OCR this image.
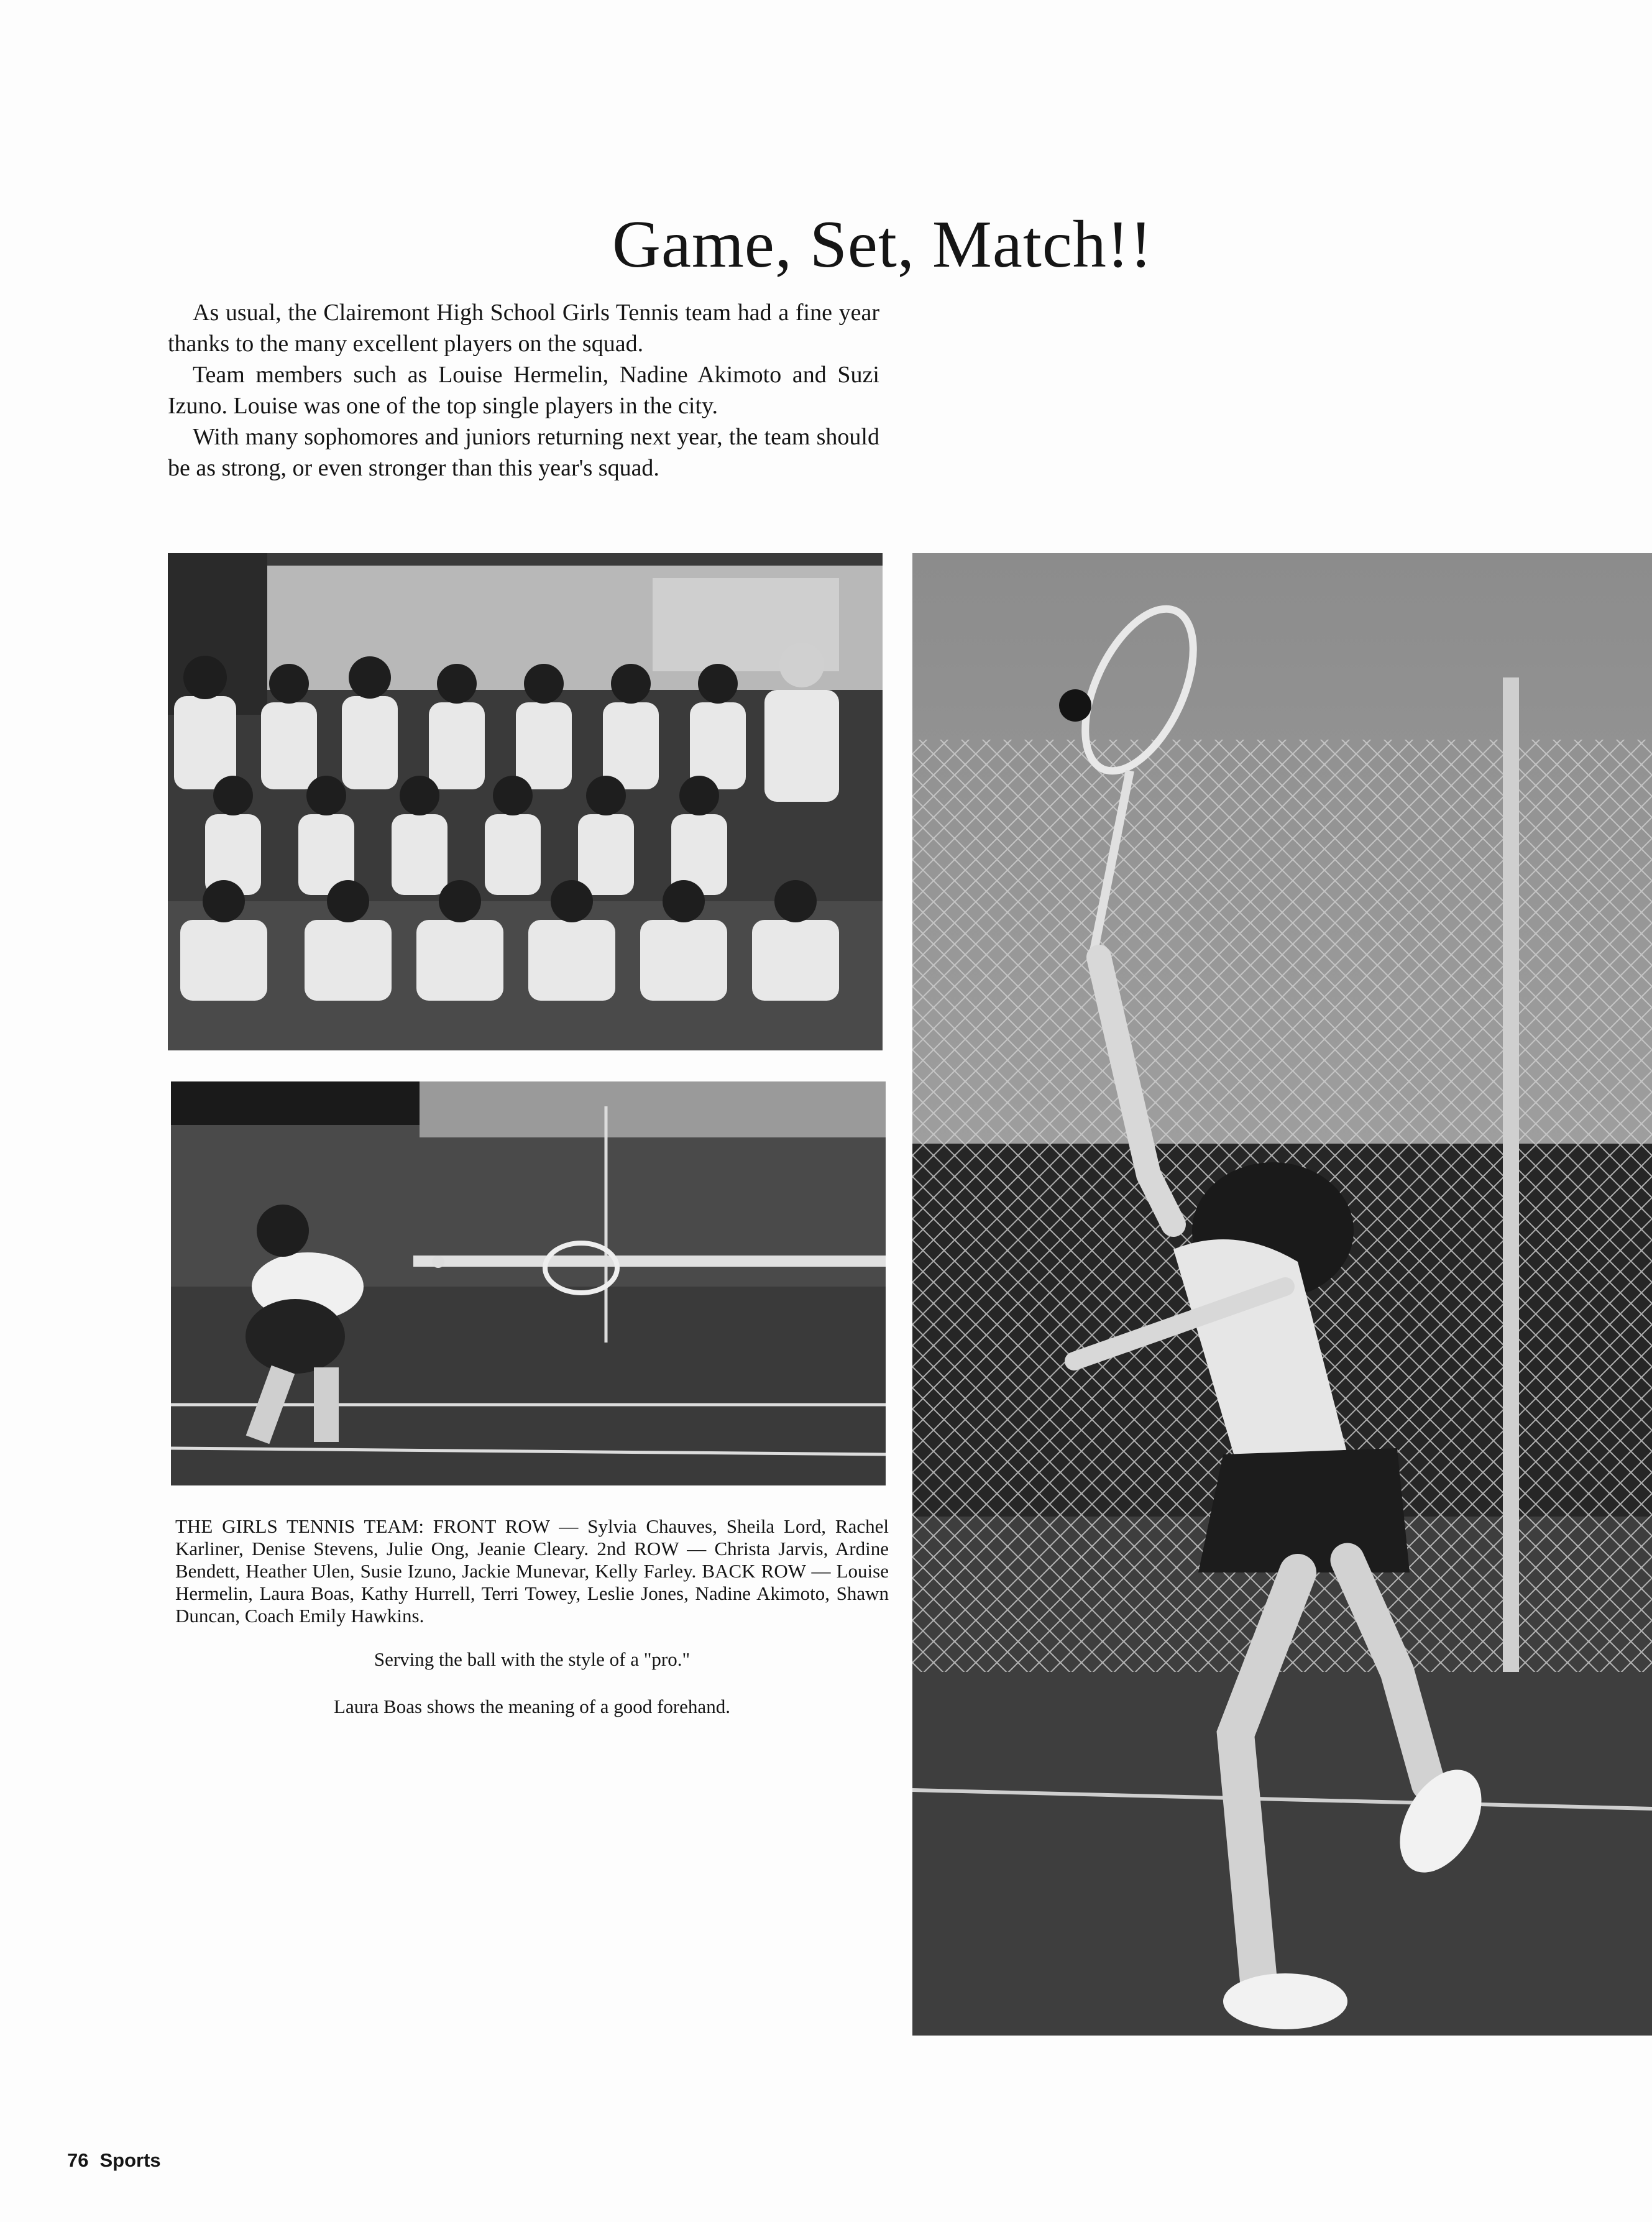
Game, Set, Match!!

As usual, the Clairemont High School Girls Tennis team had a fine year thanks to the many excellent players on the squad.

Team members such as Louise Hermelin, Nadine Akimoto and Suzi Izuno. Louise was one of the top single players in the city.

With many sophomores and juniors returning next year, the team should be as strong, or even stronger than this year's squad.

THE GIRLS TENNIS TEAM: FRONT ROW — Sylvia Chauves, Sheila Lord, Rachel Karliner, Denise Stevens, Julie Ong, Jeanie Cleary. 2nd ROW — Christa Jarvis, Ardine Bendett, Heather Ulen, Susie Izuno, Jackie Munevar, Kelly Farley. BACK ROW — Louise Hermelin, Laura Boas, Kathy Hurrell, Terri Towey, Leslie Jones, Nadine Akimoto, Shawn Duncan, Coach Emily Hawkins.

Serving the ball with the style of a "pro."

Laura Boas shows the meaning of a good forehand.

76 Sports
